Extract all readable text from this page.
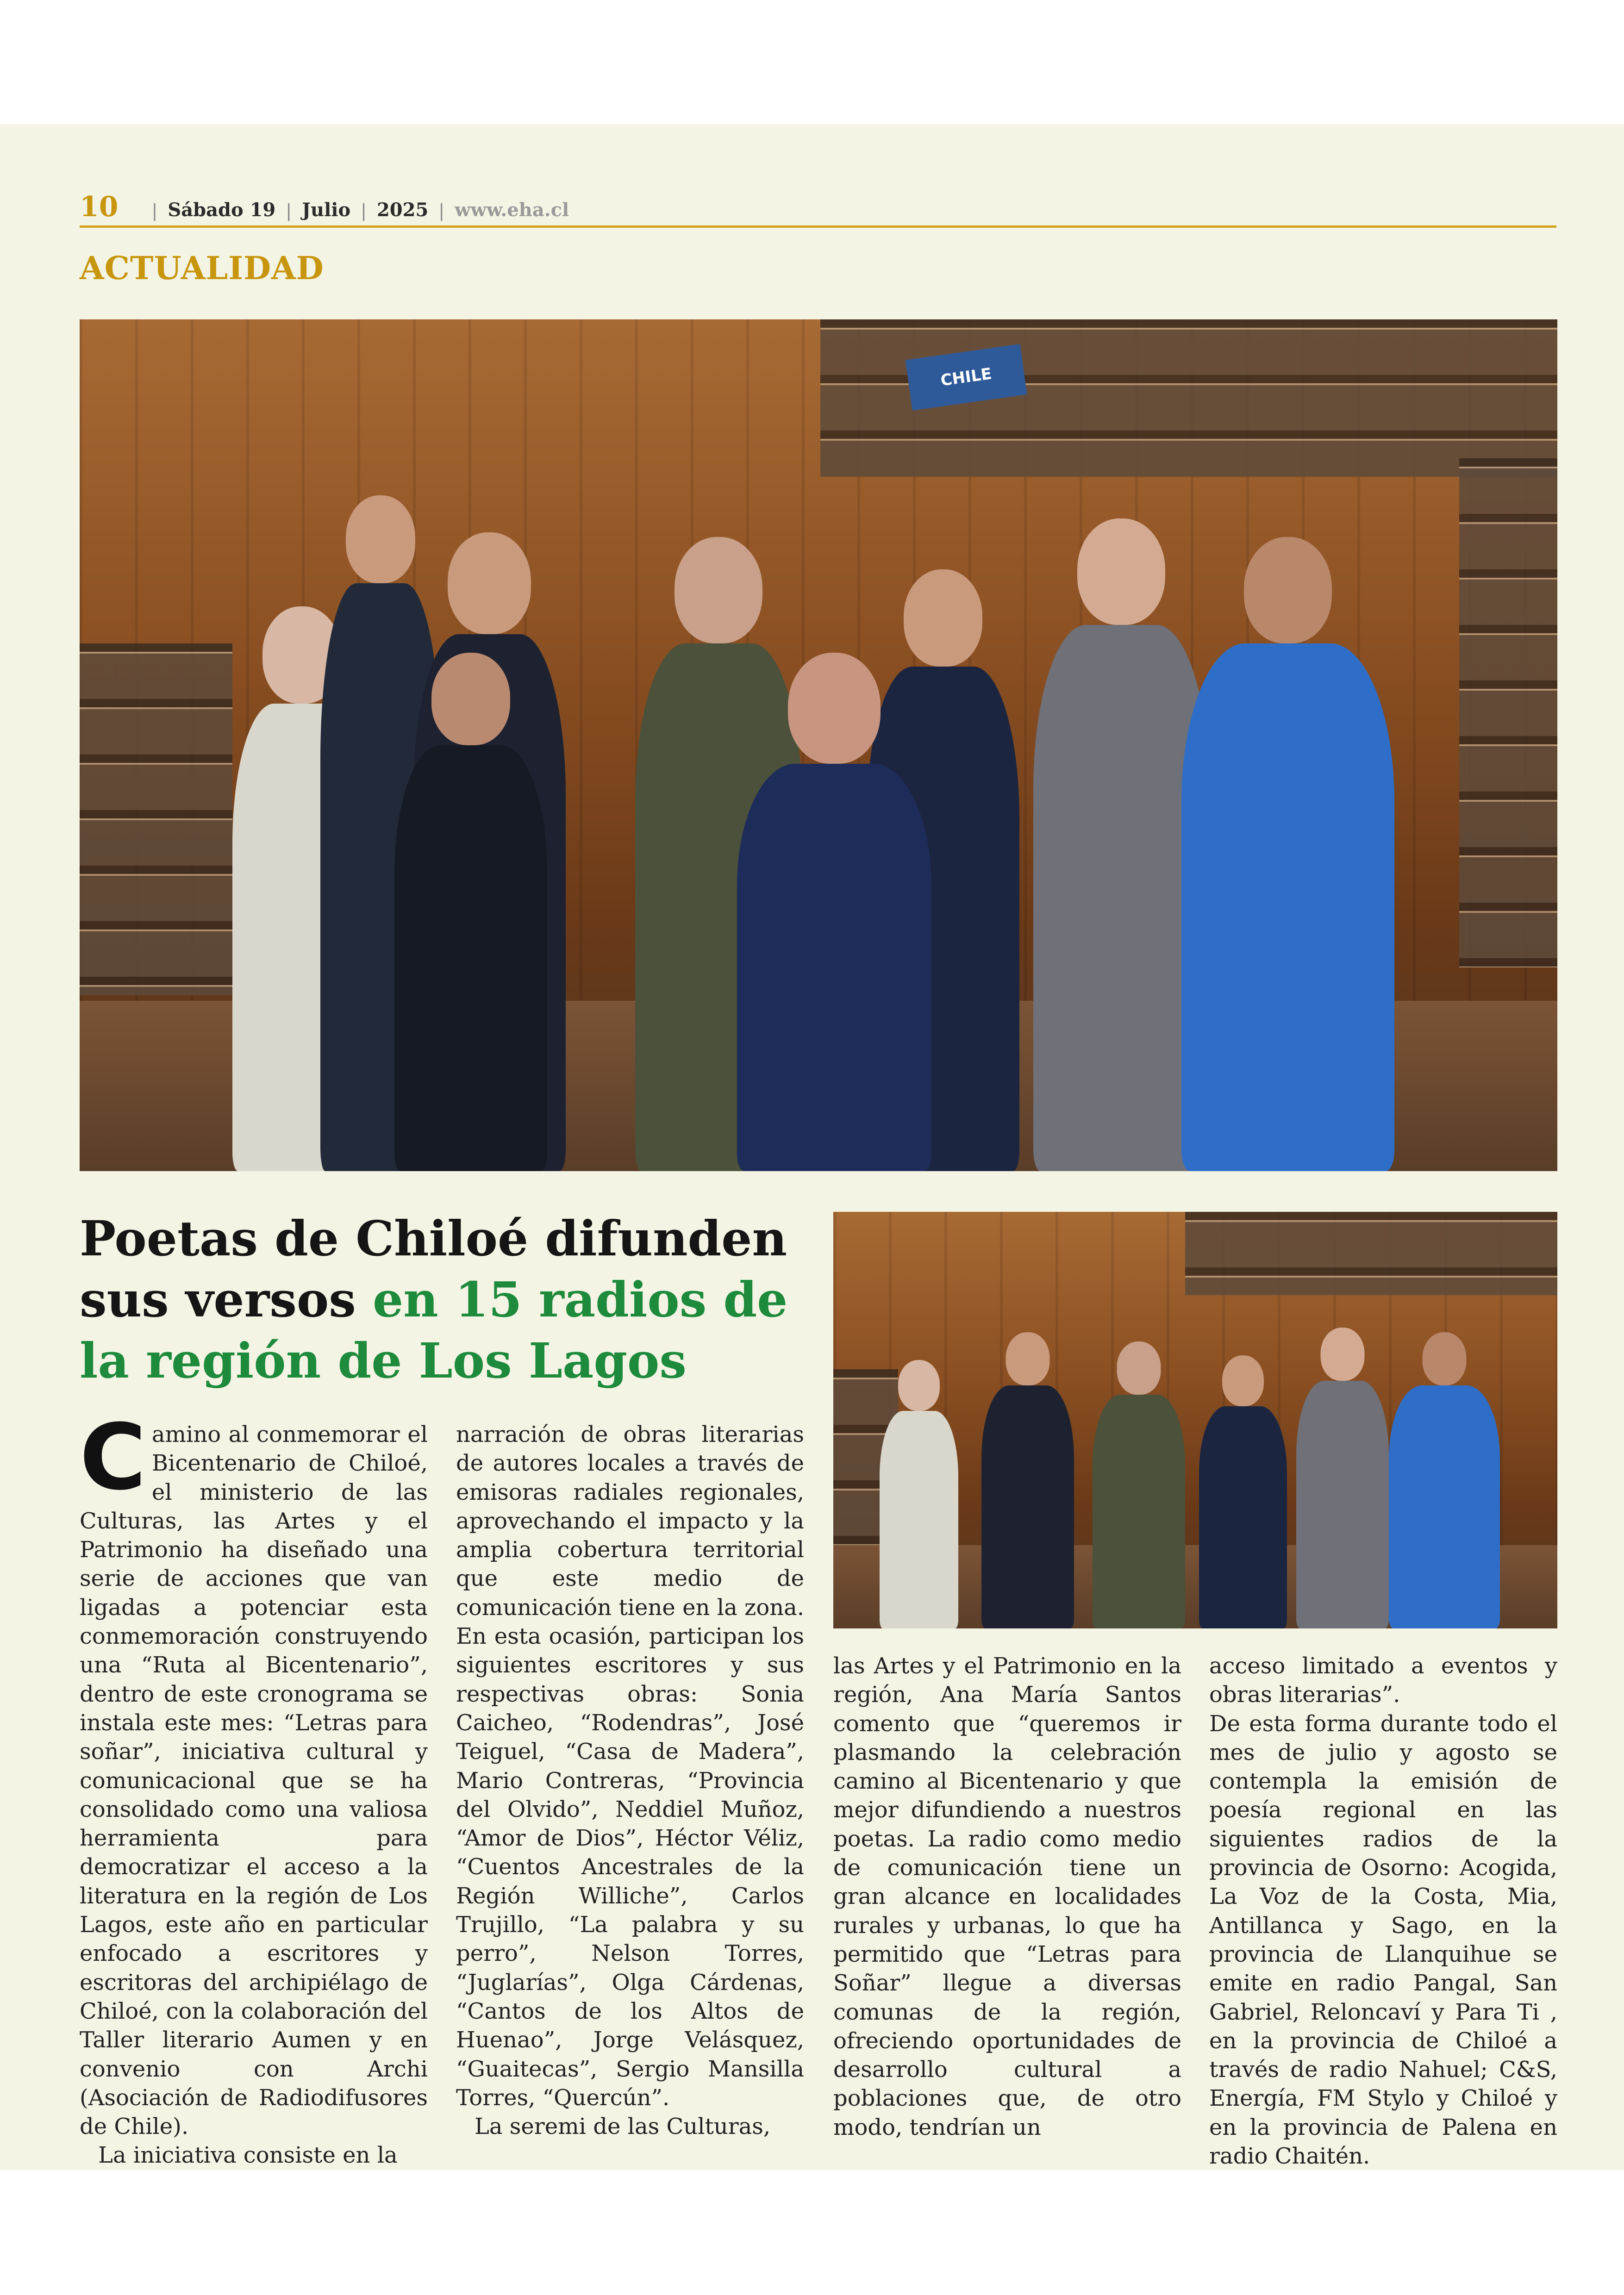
10 | Sábado 19 | Julio | 2025 | www.eha.cl
ACTUALIDAD
CHILE
Poetas de Chiloé difunden sus versos en 15 radios de la región de Los Lagos

Camino al conmemorar el Bicentenario de Chiloé, el ministerio de las Culturas, las Artes y el Patrimonio ha diseñado una serie de acciones que van ligadas a potenciar esta conmemoración construyendo una “Ruta al Bicentenario”, dentro de este cronograma se instala este mes: “Letras para soñar”, iniciativa cultural y comunicacional que se ha consolidado como una valiosa herramienta para democratizar el acceso a la literatura en la región de Los Lagos, este año en particular enfocado a escritores y escritoras del archipiélago de Chiloé, con la colaboración del Taller literario Aumen y en convenio con Archi (Asociación de Radiodifusores de Chile).

La iniciativa consiste en la

narración de obras literarias de autores locales a través de emisoras radiales regionales, aprovechando el impacto y la amplia cobertura territorial que este medio de comunicación tiene en la zona. En esta ocasión, participan los siguientes escritores y sus respectivas obras: Sonia Caicheo, “Rodendras”, José Teiguel, “Casa de Madera”, Mario Contreras, “Provincia del Olvido”, Neddiel Muñoz, “Amor de Dios”, Héctor Véliz, “Cuentos Ancestrales de la Región Williche”, Carlos Trujillo, “La palabra y su perro”, Nelson Torres, “Juglarías”, Olga Cárdenas, “Cantos de los Altos de Huenao”, Jorge Velásquez, “Guaitecas”, Sergio Mansilla Torres, “Quercún”.

La seremi de las Culturas,

las Artes y el Patrimonio en la región, Ana María Santos comento que “queremos ir plasmando la celebración camino al Bicentenario y que mejor difundiendo a nuestros poetas. La radio como medio de comunicación tiene un gran alcance en localidades rurales y urbanas, lo que ha permitido que “Letras para Soñar” llegue a diversas comunas de la región, ofreciendo oportunidades de desarrollo cultural a poblaciones que, de otro modo, tendrían un

acceso limitado a eventos y obras literarias”.

De esta forma durante todo el mes de julio y agosto se contempla la emisión de poesía regional en las siguientes radios de la provincia de Osorno: Acogida, La Voz de la Costa, Mia, Antillanca y Sago, en la provincia de Llanquihue se emite en radio Pangal, San Gabriel, Reloncaví y Para Ti , en la provincia de Chiloé a través de radio Nahuel; C&S, Energía, FM Stylo y Chiloé y en la provincia de Palena en radio Chaitén.
